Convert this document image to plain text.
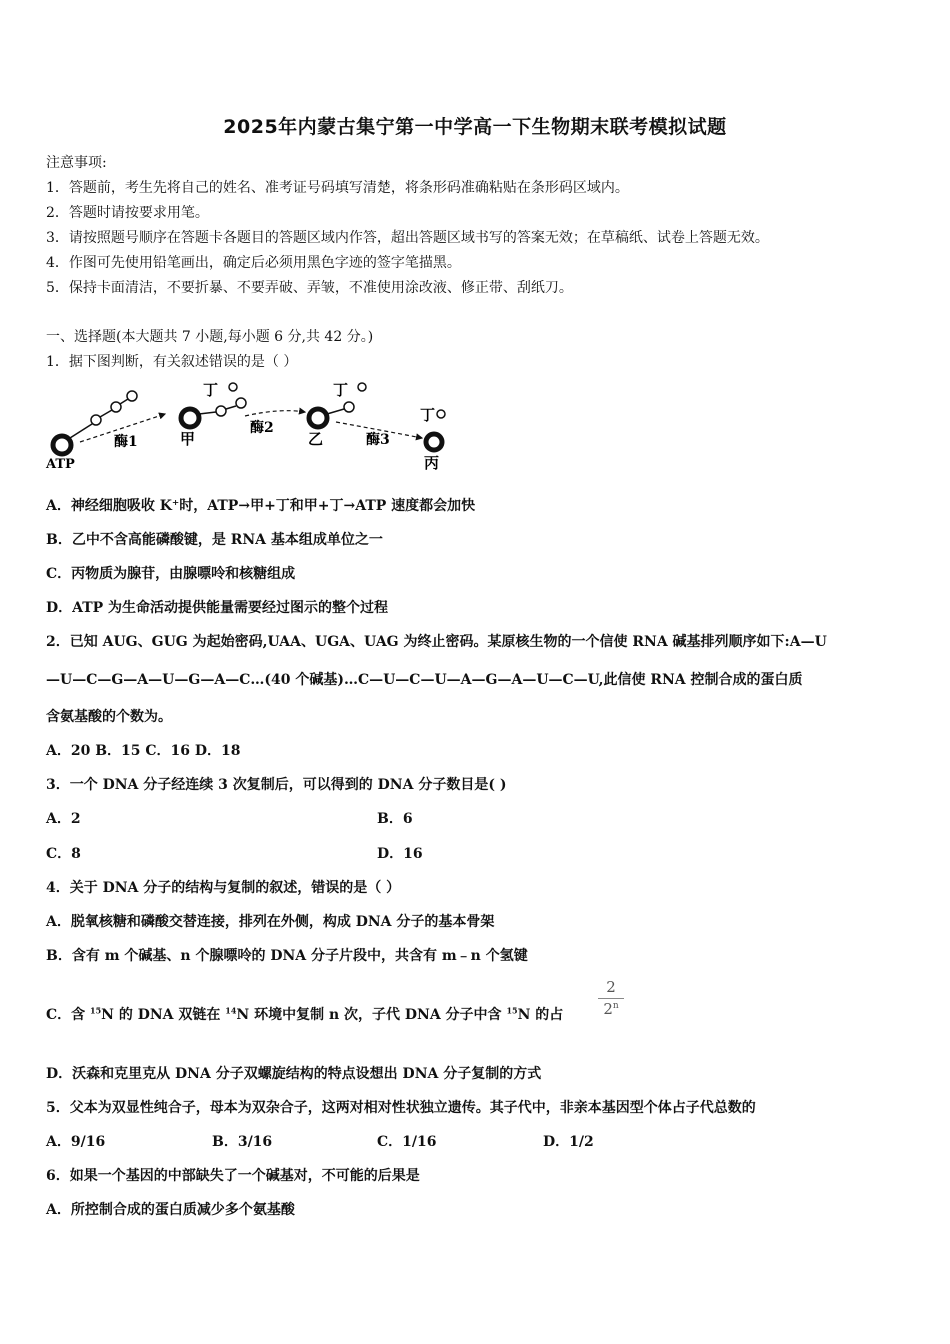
2025年内蒙古集宁第一中学高一下生物期末联考模拟试题
注意事项:
1．答题前，考生先将自己的姓名、准考证号码填写清楚，将条形码准确粘贴在条形码区域内。
2．答题时请按要求用笔。
3．请按照题号顺序在答题卡各题目的答题区域内作答，超出答题区域书写的答案无效；在草稿纸、试卷上答题无效。
4．作图可先使用铅笔画出，确定后必须用黑色字迹的签字笔描黑。
5．保持卡面清洁，不要折暴、不要弄破、弄皱，不准使用涂改液、修正带、刮纸刀。
一、选择题(本大题共 7 小题,每小题 6 分,共 42 分。)
1．据下图判断，有关叙述错误的是（ ）
ATP
酶1	甲
丁
酶2
乙
丁
酶3
丙
丁
A．神经细胞吸收 K⁺时，ATP→甲+丁和甲+丁→ATP 速度都会加快
B．乙中不含高能磷酸键，是 RNA 基本组成单位之一
C．丙物质为腺苷，由腺嘌呤和核糖组成
D．ATP 为生命活动提供能量需要经过图示的整个过程
2．已知 AUG、GUG 为起始密码,UAA、UGA、UAG 为终止密码。某原核生物的一个信使 RNA 碱基排列顺序如下:A—U
—U—C—G—A—U—G—A—C…(40 个碱基)…C—U—C—U—A—G—A—U—C—U,此信使 RNA 控制合成的蛋白质
含氨基酸的个数为。
A．20 B．15 C．16 D．18
3．一个 DNA 分子经连续 3 次复制后，可以得到的 DNA 分子数目是( )
A．2	B．6
C．8	D．16
4．关于 DNA 分子的结构与复制的叙述，错误的是（ ）
A．脱氧核糖和磷酸交替连接，排列在外侧，构成 DNA 分子的基本骨架
B．含有 m 个碱基、n 个腺嘌呤的 DNA 分子片段中，共含有 m﹣n 个氢键
C．含 $^{15}$N 的 DNA 双链在 $^{14}$N 环境中复制 n 次，子代 DNA 分子中含 $^{15}$N 的占 $\frac{2}{2^n}$
D．沃森和克里克从 DNA 分子双螺旋结构的特点设想出 DNA 分子复制的方式
5．父本为双显性纯合子，母本为双杂合子，这两对相对性状独立遗传。其子代中，非亲本基因型个体占子代总数的
A．9/16	B．3/16	C．1/16	D．1/2
6．如果一个基因的中部缺失了一个碱基对，不可能的后果是
A．所控制合成的蛋白质减少多个氨基酸
